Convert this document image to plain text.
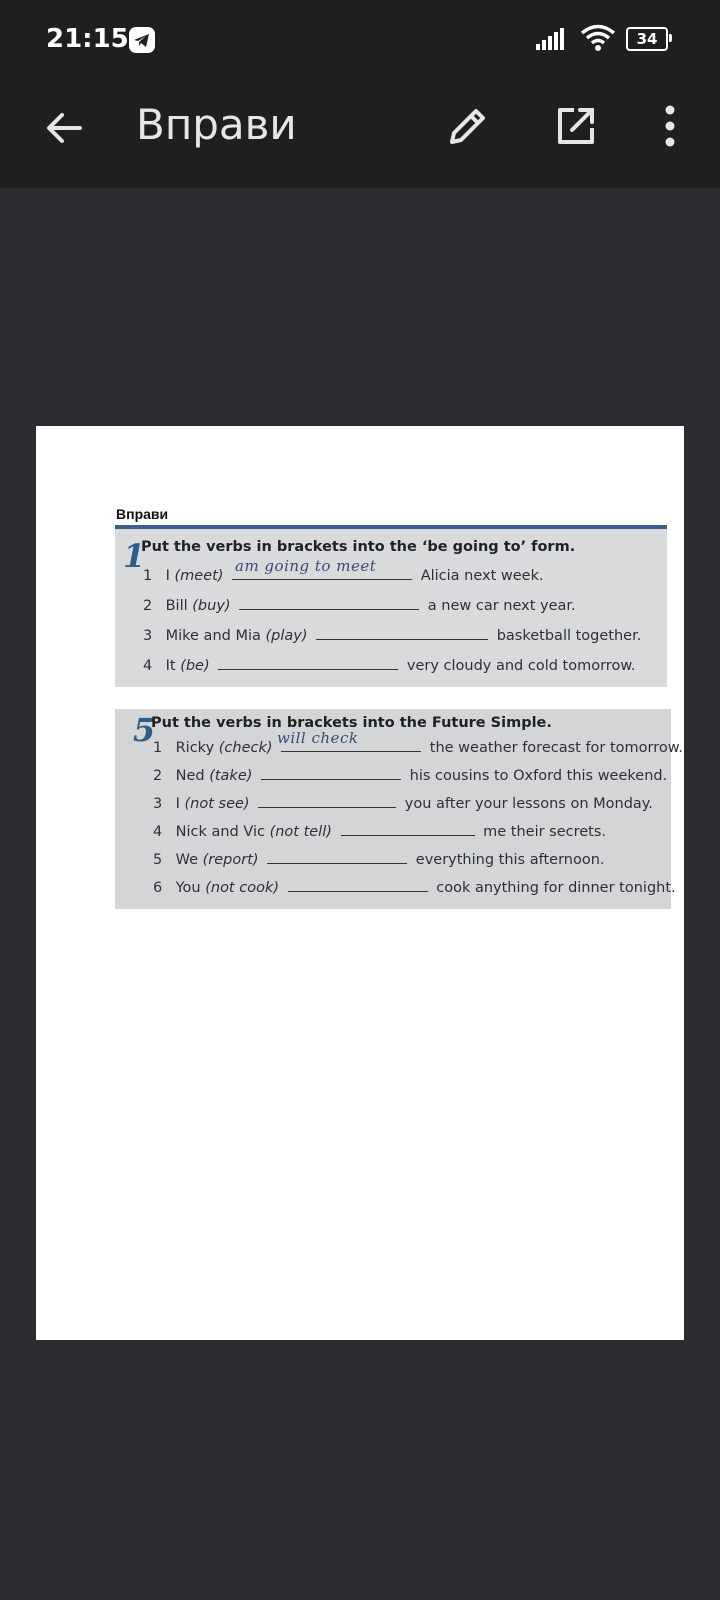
21:15	34
Вправи
Вправи
1
Put the verbs in brackets into the ‘be going to’ form.
1 I (meet)	Alicia next week.
am going to meet
2 Bill (buy)	a new car next year.
3 Mike and Mia (play)	basketball together.
4 It (be)	very cloudy and cold tomorrow.
5
Put the verbs in brackets into the Future Simple.
1 Ricky (check)	the weather forecast for tomorrow.
will check
2 Ned (take)	his cousins to Oxford this weekend.
3 I (not see)	you after your lessons on Monday.
4 Nick and Vic (not tell)	me their secrets.
5 We (report)	everything this afternoon.
6 You (not cook)	cook anything for dinner tonight.
